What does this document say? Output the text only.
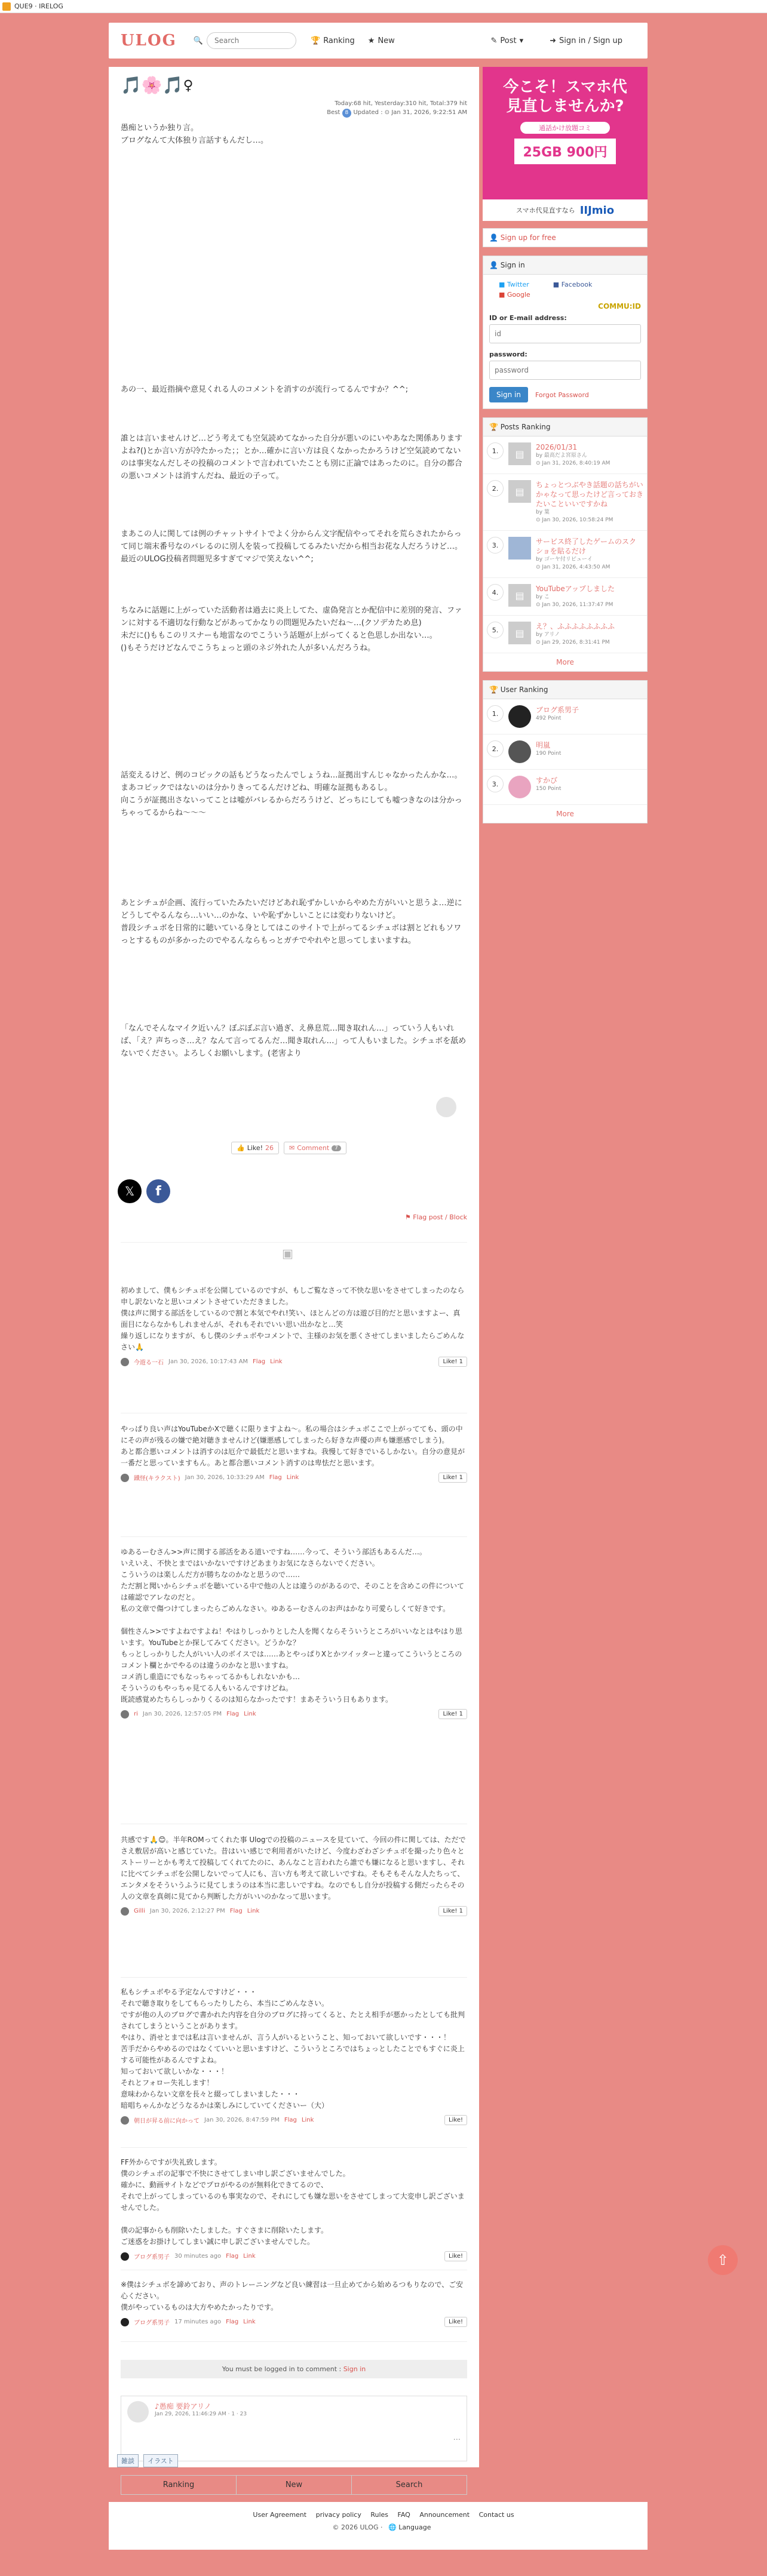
QUE9 · IRELOG
ULOG 🔍
Search	🏆 Ranking ★ New	✎ Post ▾	➜ Sign in / Sign up
🎵🌸🎵♀
Today:68 hit, Yesterday:310 hit, Total:379 hit
Best 8 Updated : ⊙ Jan 31, 2026, 9:22:51 AM
愚痴というか独り言。
ブログなんて大体独り言話すもんだし…。
あの一、最近指摘や意見くれる人のコメントを消すのが流行ってるんですか？^^;
誰とは言いませんけど…どう考えても空気読めてなかった自分が悪いのにいやあなた関係ありますよね?()とか言い方が冷たかった；；とか…確かに言い方は良くなかったかろうけど空気読めてないのは事実なんだしその投稿のコメントで言われていたことも別に正論ではあったのに。自分の都合の悪いコメントは消すんだね、最近の子って。
まあこの人に関しては例のチャットサイトでよく分からん文字配信やってそれを荒らされたからって同じ端末番号なのバレるのに別人を装って投稿してるみたいだから相当お花な人だろうけど…。
最近のULOG投稿者問題児多すぎてマジで笑えない^^;
ちなみに話題に上がっていた活動者は過去に炎上してた、虚偽発言とか配信中に差別的発言、ファンに対する不適切な行動などがあってかなりの問題児みたいだね〜…(クソデカため息)
未だに()ももこのリスナーも地雷なのでこういう話題が上がってくると色思しか出ない…。
()もそうだけどなんでこうちょっと頭のネジ外れた人が多いんだろうね。
話変えるけど、例のコピックの話もどうなったんでしょうね…証拠出すんじゃなかったんかな…。
まあコピックではないのは分かりきってるんだけどね、明確な証拠もあるし。
向こうが証拠出さないってことは嘘がバレるからだろうけど、どっちにしても嘘つきなのは分かっちゃってるからね〜〜〜
あとシチュが企画、流行っていたみたいだけどあれ恥ずかしいからやめた方がいいと思うよ…逆にどうしてやるんなら…いい…のかな、いや恥ずかしいことには変わりないけど。
普段シチュボを日常的に聴いている身としてはこのサイトで上がってるシチュボは割とどれもソワっとするものが多かったのでやるんならもっとガチでやれやと思ってしまいますね。
「なんでそんなマイク近いん？ぼぶぼぶ言い過ぎ、え鼻息荒…聞き取れん…」っていう人もいれば、「え？声ちっさ…え？なんて言ってるんだ…聞き取れん…」って人もいました。シチュボを舐めないでください。よろしくお願いします。(老害より
👍 Like! 26 ✉ Comment	7
𝕏	f
⚑ Flag post / Block
▣

初めまして、僕もシチュボを公開しているのですが、もしご覧なさって不快な思いをさせてしまったのなら申し訳ないなと思いコメントさせていただきました。
僕は声に関する部活をしているので割と本気でやれ!笑い、ほとんどの方は遊び目的だと思いますよー、真面目にならなかもしれませんが、それもそれでいい思い出かなと…笑
繰り返しになりますが、もし僕のシチュボやコメントで、主様のお気を悪くさせてしまいましたらごめんなさい🙏

今遊る一石 Jan 30, 2026, 10:17:43 AM Flag Link	Like! 1

やっぱり良い声はYouTubeかXで聴くに限りますよね〜。私の場合はシチュボここで上がってても、頭の中にその声が残るの嫌で絶対聴きませんけど(嫌悪感してしまったら好きな声優の声も嫌悪感でしまう)。
あと都合悪いコメントは消すのは厄介で最低だと思いますね。我慢して好きでいるしかない。自分の意見が一番だと思っていますもん。あと都合悪いコメント消すのは卑怯だと思います。

鐵怪(キラクスト) Jan 30, 2026, 10:33:29 AM Flag Link	Like! 1

ゆあるーむさん>>声に関する部活をある道いですね……今って、そういう部活もあるんだ…。
いえいえ、不快とまではいかないですけどあまりお気になさらないでください。
こういうのは楽しんだ方が勝ちなのかなと思うので……
ただ割と聞いからシチュボを聴いている中で他の人とは違うのがあるので、そのことを含めこの件については確認でアレなのだと。
私の文章で傷つけてしまったらごめんなさい。ゆあるーむさんのお声はかなり可愛らしくて好きです。

個性さん>>ですよねですよね！やはりしっかりとした人を聞くならそういうところがいいなとはやはり思います。YouTubeとか探してみてください。どうかな？
もっとしっかりした人がいい人のボイスでは……あとやっぱりXとかツイッターと違ってこういうところのコメント欄とかでやるのは違うのかなと思いますね。
コメ消し重造にでもなっちゃってるかもしれないかも…
そういうのもやっちゃ見てる人もいるんですけどね。
既読感覚めたちらしっかりくるのは知らなかったです！まあそういう日もあります。

ri Jan 30, 2026, 12:57:05 PM Flag Link	Like! 1

共感です🙏😊。半年ROMってくれた事 Ulogでの投稿のニュースを見ていて、今回の件に関しては、ただでさえ敷居が高いと感じていた。昔はいい感じで利用者がいたけど、今度わざわざシチュボを撮ったり色々とストーリーとかも考えて投稿してくれてたのに、あんなこと言われたら誰でも嫌になると思いますし、それに比べてシチュボを公開しないでって人にも、言い方も考えて欲しいですね。そもそもそんな人たちって、エンタメをそういうふうに見てしまうのは本当に悲しいですね。なのでもし自分が投稿する側だったらその人の文章を真剣に見てから判断した方がいいのかなって思います。

Gilli Jan 30, 2026, 2:12:27 PM Flag Link	Like! 1

私もシチュボやる予定なんですけど・・・
それで聴き取りをしてもらったりしたら、本当にごめんなさい。
ですが他の人のブログで書かれた内容を自分のブログに持ってくると、たとえ相手が悪かったとしても批判されてしまうということがあります。
やはり、消せとまでは私は言いませんが、言う人がいるということ、知っておいて欲しいです・・・！
苦手だからやめるのではなくていいと思いますけど、こういうところではちょっとしたことでもすぐに炎上する可能性があるんですよね。
知っておいて欲しいかな・・・！
それとフォロー失礼します！
意味わからない文章を長々と綴ってしまいました・・・
暗唱ちゃんかなどうなるかは楽しみにしていてくださいー（大）

朝日が昇る前に向かって Jan 30, 2026, 8:47:59 PM Flag Link	Like!

FF外からですが失礼致します。
僕のシチュボの記事で不快にさせてしまい申し訳ございませんでした。
確かに、動画サイトなどでプロがやるのが無料化できてるので、
それで上がってしまっているのも事実なので、それにしても嫌な思いをさせてしまって大変申し訳ございませんでした。

僕の記事からも削除いたしました。すぐさまに削除いたします。
ご迷惑をお掛けしてしまい誠に申し訳ございませんでした。

ブログ系男子 30 minutes ago Flag Link	Like!

※僕はシチュボを諦めており、声のトレーニングなど良い練習は一旦止めてから始めるつもりなので、ご安心ください。
僕がやっているものは大方やめたかったりです。

ブログ系男子 17 minutes ago Flag Link	Like!
You must be logged in to comment : Sign in
♪愚痴 要鈴アリノ
Jan 29, 2026, 11:46:29 AM · 1 · 23
...
Ranking	New	Search
雑談 イラスト
今こそ！スマホ代
見直しませんか?
通話かけ放題コミ
25GB 900円
スマホ代見直すなら IIJmio
👤 Sign up for free
👤 Sign in
■ Twitter	■ Facebook
■ Google
COMMU:ID
ID or E-mail address:
id
password:
password
Sign in	Forgot Password
🏆 Posts Ranking
1.	▤
2026/01/31
by 最高だよ宮原さん
⊙ Jan 31, 2026, 8:40:19 AM
2.	▤
ちょっとつぶやき話題の話ちがいかゃなって思ったけど言っておきたいこといいですかね
by 葉
⊙ Jan 30, 2026, 10:58:24 PM
3.	サービス終了したゲームのスクショを貼るだけ
by ゴーヤ付リビューイ
⊙ Jan 31, 2026, 4:43:50 AM
4.	▤
YouTubeアップしました
by こ
⊙ Jan 30, 2026, 11:37:47 PM
5.	▤
え？、ふふふふふふふふ
by アリノ
⊙ Jan 29, 2026, 8:31:41 PM
More
🏆 User Ranking
1.	ブログ系男子
492 Point
2.	明嵐
190 Point
3.	すかび
150 Point
More
⇧
User Agreement privacy policy Rules FAQ Announcement Contact us
© 2026 ULOG · 🌐 Language
